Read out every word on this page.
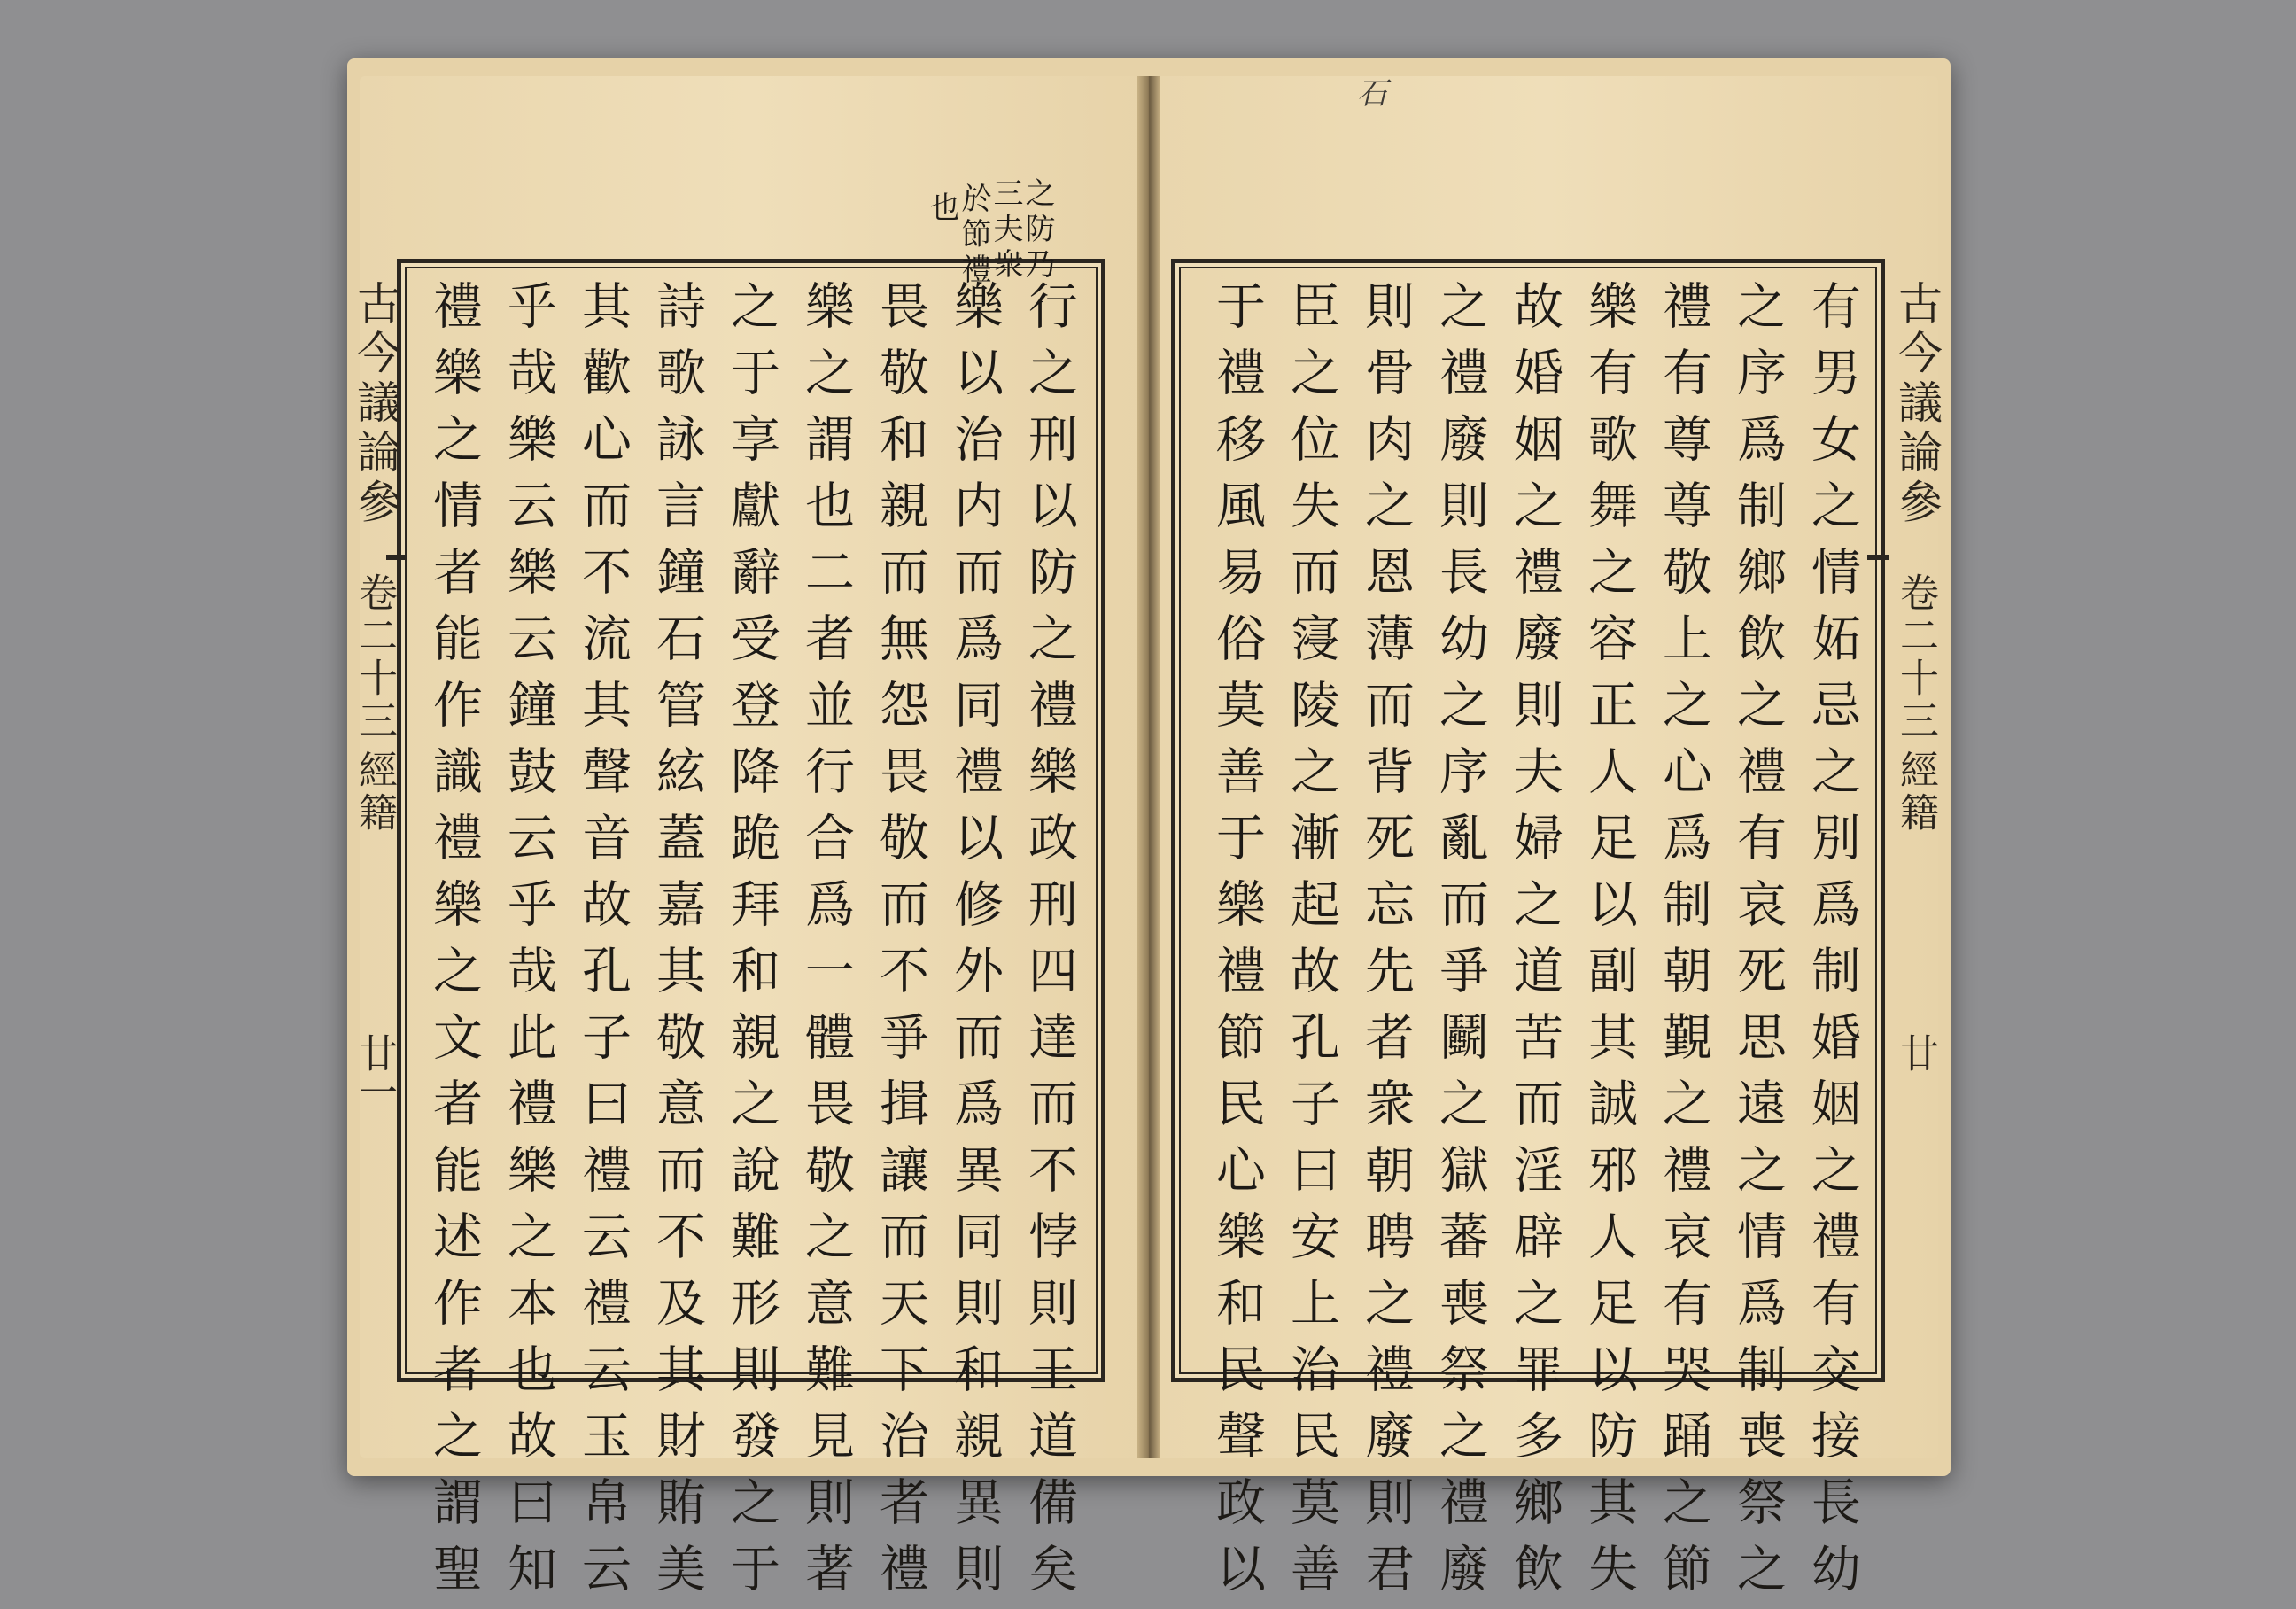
之防乃
三夫衆
於節禮
也
行之刑以防之禮樂政刑四達而不悖則王道備矣
樂以治内而爲同禮以修外而爲異同則和親異則
畏敬和親而無怨畏敬而不爭揖讓而天下治者禮
樂之謂也二者並行合爲一體畏敬之意難見則著
之于享獻辭受登降跪拜和親之說難形則發之于
詩歌詠言鐘石管絃蓋嘉其敬意而不及其財賄美
其歡心而不流其聲音故孔子曰禮云禮云玉帛云
乎哉樂云樂云鐘鼓云乎哉此禮樂之本也故曰知
禮樂之情者能作識禮樂之文者能述作者之謂聖
古今議論參
卷二十三
經籍
廿一
石
有男女之情妬忌之別爲制婚姻之禮有交接長幼
之序爲制鄉飲之禮有哀死思遠之情爲制喪祭之
禮有尊尊敬上之心爲制朝覲之禮哀有哭踊之節
樂有歌舞之容正人足以副其誠邪人足以防其失
故婚姻之禮廢則夫婦之道苦而淫辟之罪多鄉飲
之禮廢則長幼之序亂而爭鬬之獄蕃喪祭之禮廢
則骨肉之恩薄而背死忘先者衆朝聘之禮廢則君
臣之位失而寖陵之漸起故孔子曰安上治民莫善
于禮移風易俗莫善于樂禮節民心樂和民聲政以	古今議論參
卷二十三
經籍
廿
